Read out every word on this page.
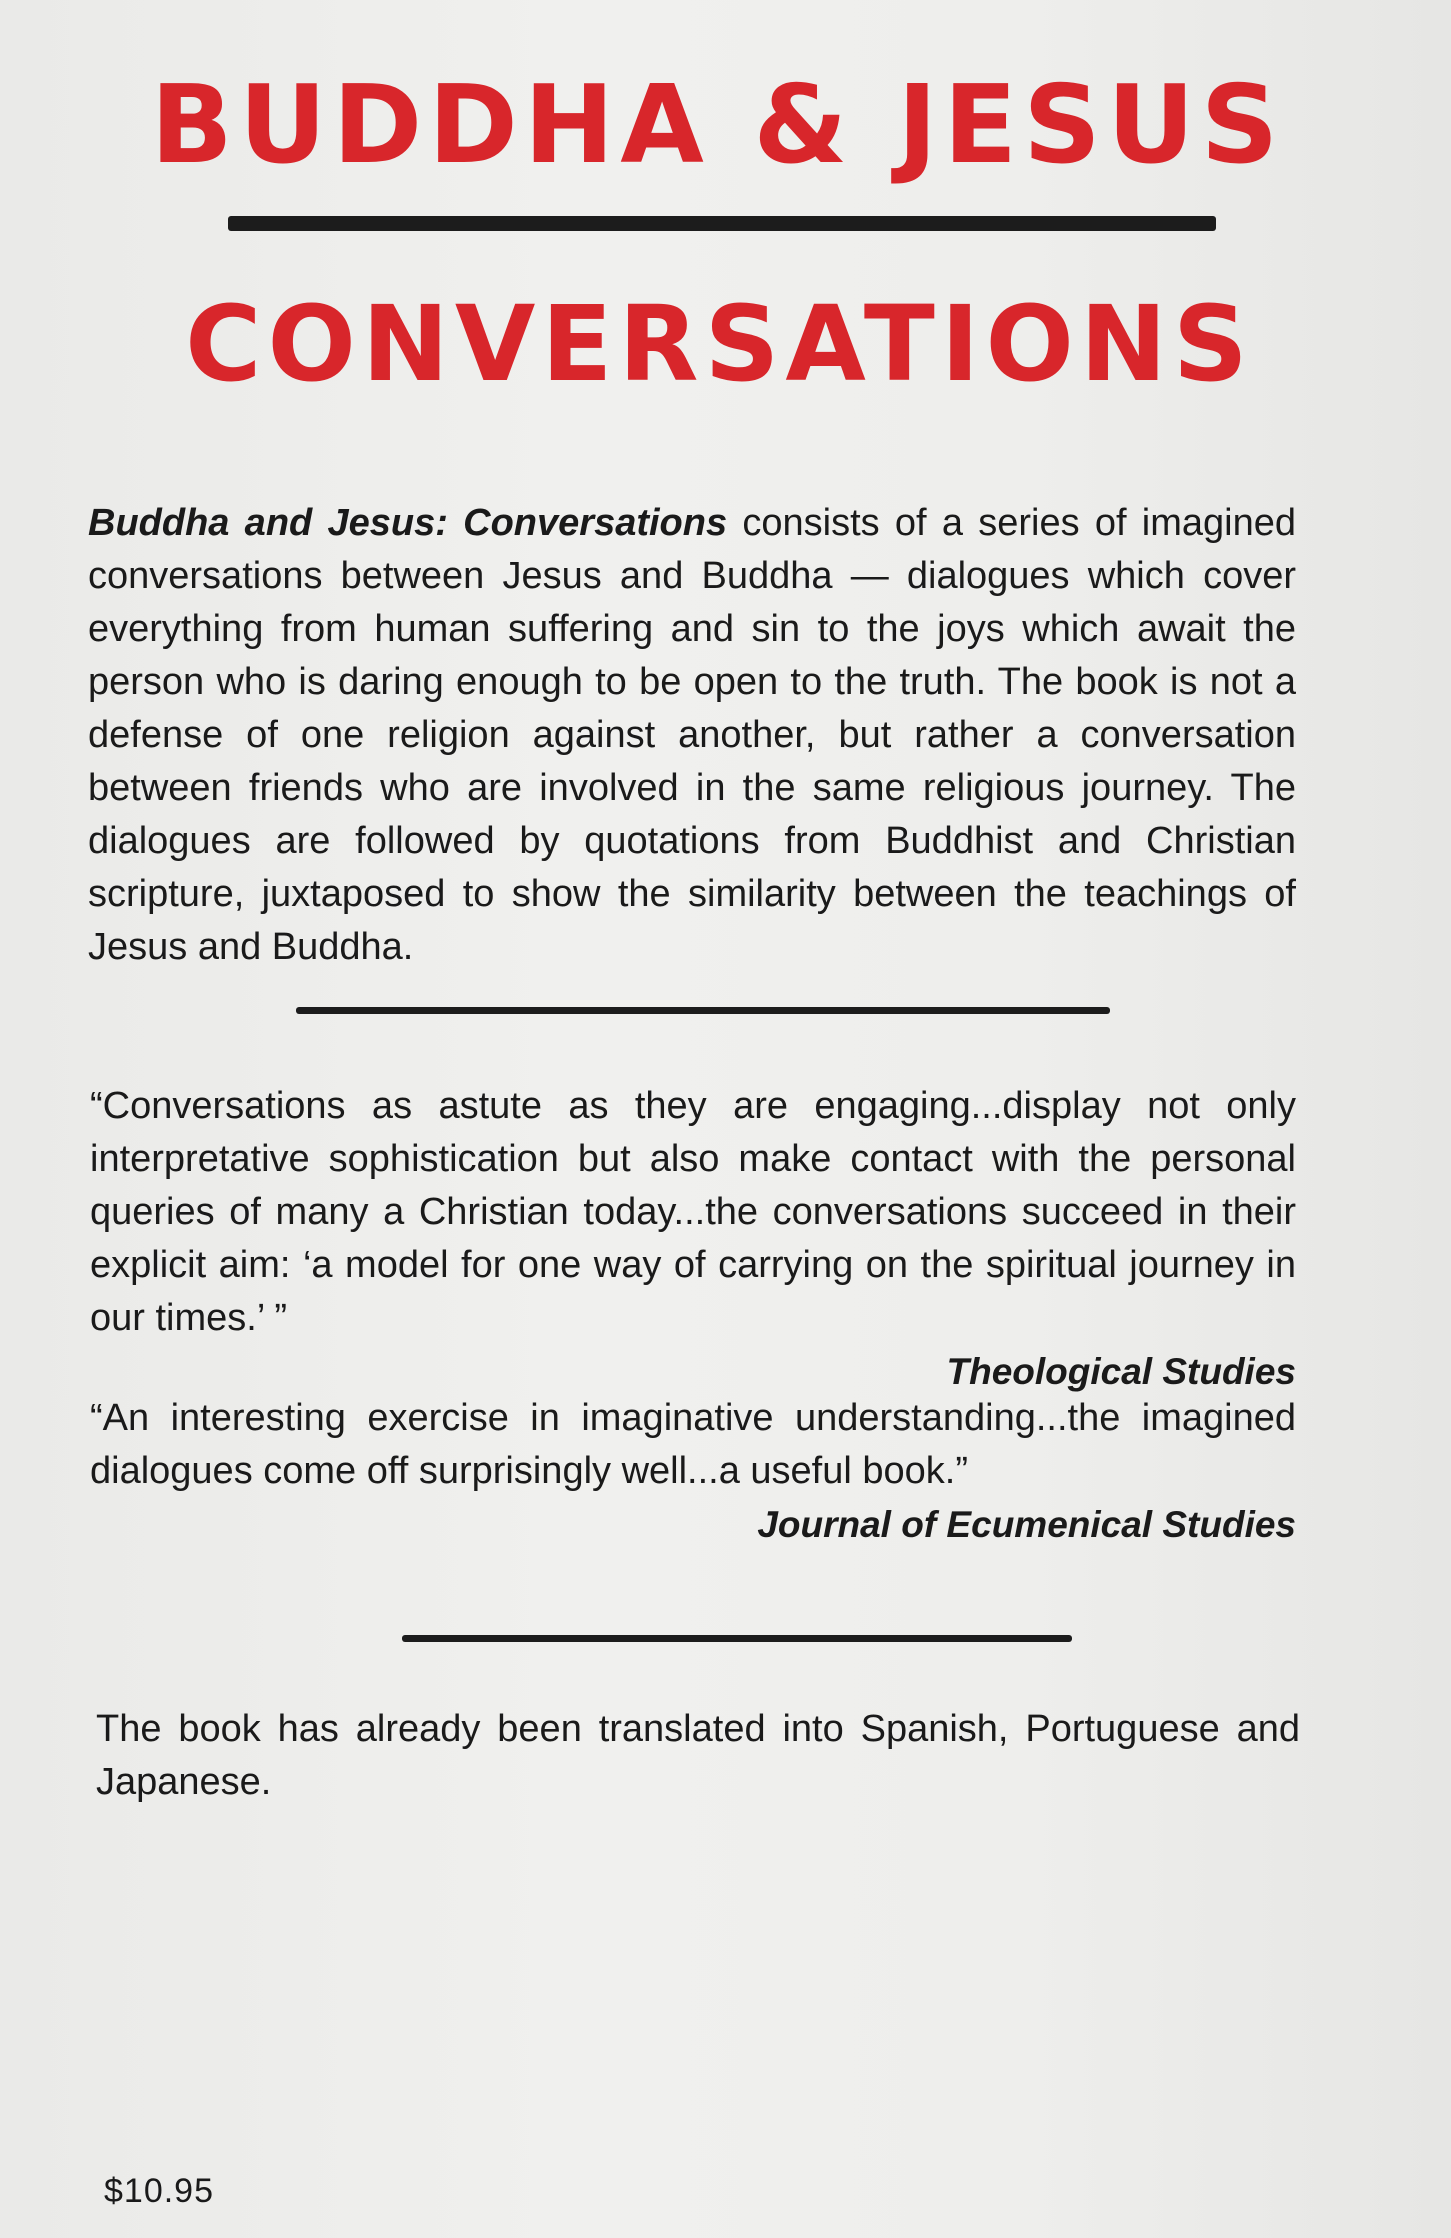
BUDDHA & JESUS
CONVERSATIONS

Buddha and Jesus: Conversations consists of a series of imagined conversations between Jesus and Buddha — dialogues which cover everything from human suffering and sin to the joys which await the person who is daring enough to be open to the truth. The book is not a defense of one religion against another, but rather a conversation between friends who are involved in the same religious journey. The dialogues are followed by quotations from Buddhist and Christian scripture, juxtaposed to show the similarity between the teachings of Jesus and Buddha.

“Conversations as astute as they are engaging...display not only interpretative sophistication but also make contact with the personal queries of many a Christian today...the conversations succeed in their explicit aim: ‘a model for one way of carrying on the spiritual journey in our times.’ ”
Theological Studies
“An interesting exercise in imaginative understanding...the imagined dialogues come off surprisingly well...a useful book.”
Journal of Ecumenical Studies

The book has already been translated into Spanish, Portuguese and Japanese.

$10.95
